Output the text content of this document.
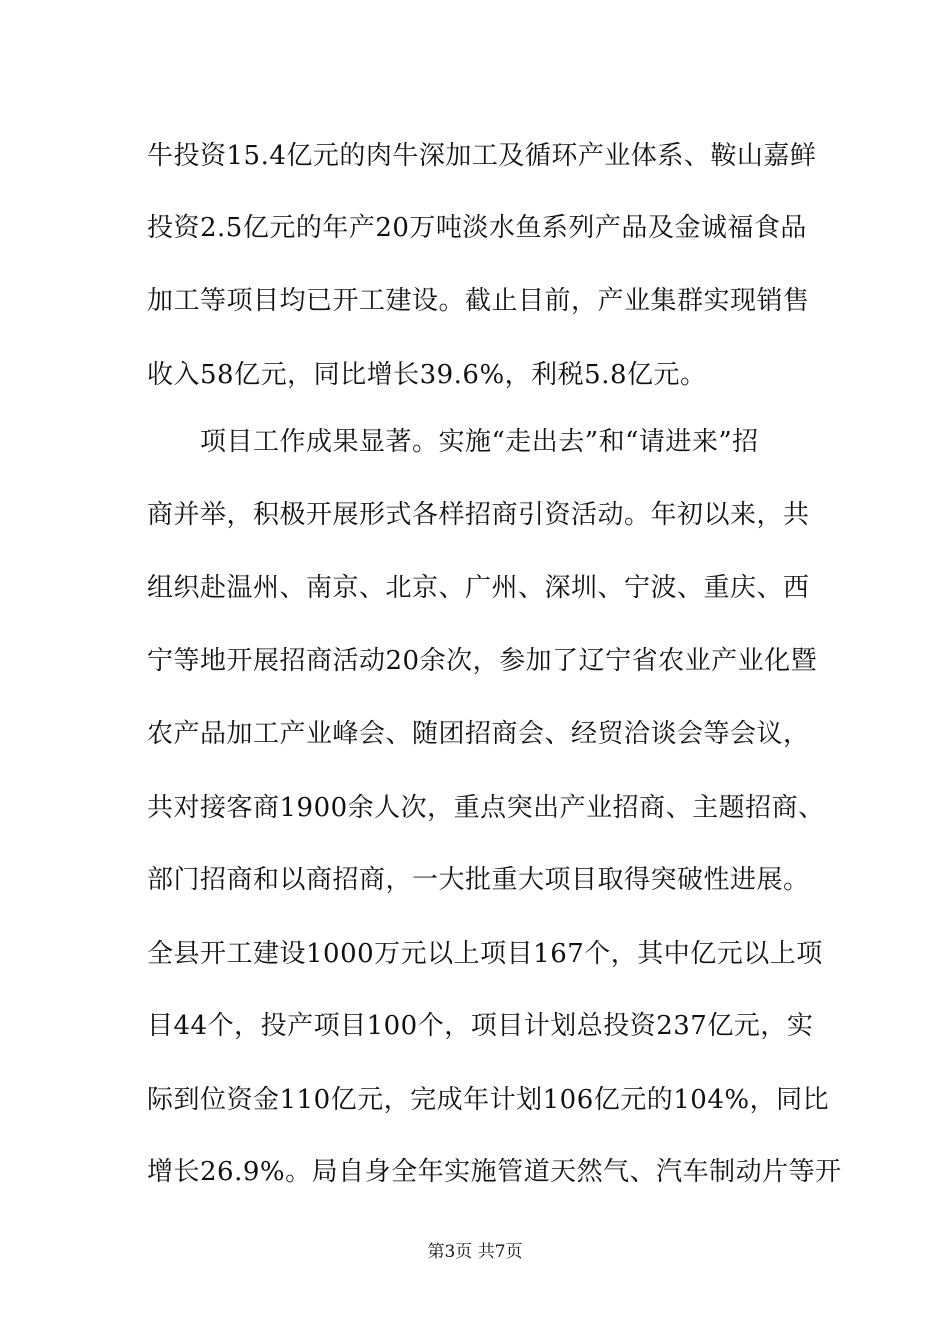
牛投资15.4亿元的肉牛深加工及循环产业体系、鞍山嘉鲜
投资2.5亿元的年产20万吨淡水鱼系列产品及金诚福食品
加工等项目均已开工建设。截止目前，产业集群实现销售
收入58亿元，同比增长39.6%，利税5.8亿元。
项目工作成果显著。实施“走出去”和“请进来”招
商并举，积极开展形式各样招商引资活动。年初以来，共
组织赴温州、南京、北京、广州、深圳、宁波、重庆、西
宁等地开展招商活动20余次，参加了辽宁省农业产业化暨
农产品加工产业峰会、随团招商会、经贸洽谈会等会议，
共对接客商1900余人次，重点突出产业招商、主题招商、
部门招商和以商招商，一大批重大项目取得突破性进展。
全县开工建设1000万元以上项目167个，其中亿元以上项
目44个，投产项目100个，项目计划总投资237亿元，实
际到位资金110亿元，完成年计划106亿元的104%，同比
增长26.9%。局自身全年实施管道天然气、汽车制动片等开
第3页 共7页
